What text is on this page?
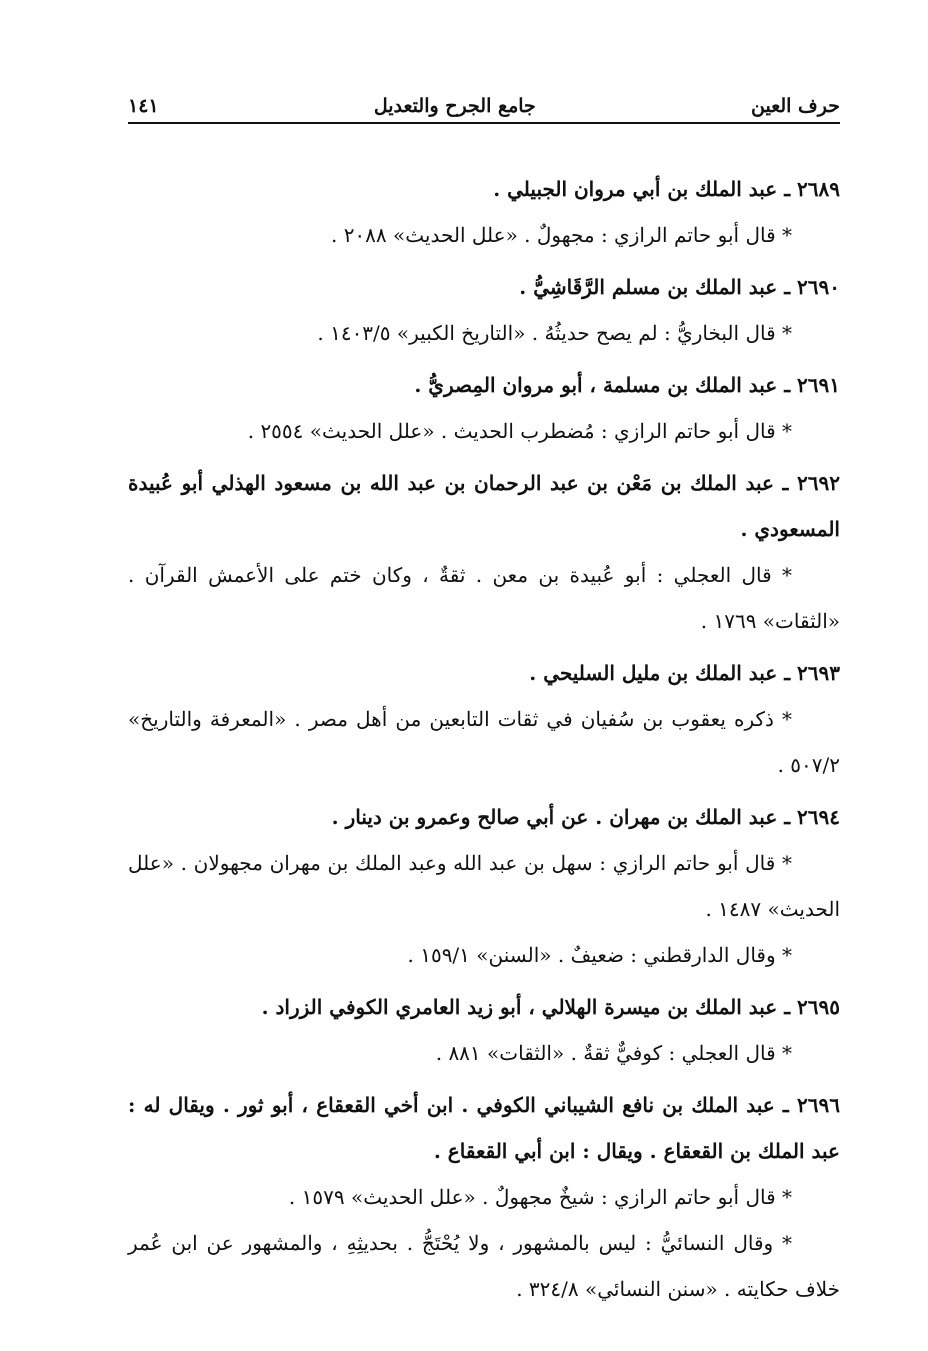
حرف العين
جامع الجرح والتعديل
١٤١

٢٦٨٩ ـ عبد الملك بن أبي مروان الجبيلي .

* قال أبو حاتم الرازي : مجهولٌ . «علل الحديث» ٢٠٨٨ .

٢٦٩٠ ـ عبد الملك بن مسلم الرَّقَاشِيُّ .

* قال البخاريُّ : لم يصح حديثُهُ . «التاريخ الكبير» ١٤٠٣/٥ .

٢٦٩١ ـ عبد الملك بن مسلمة ، أبو مروان المِصريُّ .

* قال أبو حاتم الرازي : مُضطرب الحديث . «علل الحديث» ٢٥٥٤ .

٢٦٩٢ ـ عبد الملك بن مَعْن بن عبد الرحمان بن عبد الله بن مسعود الهذلي أبو عُبيدة المسعودي .

* قال العجلي : أبو عُبيدة بن معن . ثقةٌ ، وكان ختم على الأعمش القرآن . «الثقات» ١٧٦٩ .

٢٦٩٣ ـ عبد الملك بن مليل السليحي .

* ذكره يعقوب بن سُفيان في ثقات التابعين من أهل مصر . «المعرفة والتاريخ» ٥٠٧/٢ .

٢٦٩٤ ـ عبد الملك بن مهران . عن أبي صالح وعمرو بن دينار .

* قال أبو حاتم الرازي : سهل بن عبد الله وعبد الملك بن مهران مجهولان . «علل الحديث» ١٤٨٧ .

* وقال الدارقطني : ضعيفٌ . «السنن» ١٥٩/١ .

٢٦٩٥ ـ عبد الملك بن ميسرة الهلالي ، أبو زيد العامري الكوفي الزراد .

* قال العجلي : كوفيٌّ ثقةٌ . «الثقات» ٨٨١ .

٢٦٩٦ ـ عبد الملك بن نافع الشيباني الكوفي . ابن أخي القعقاع ، أبو ثور . ويقال له : عبد الملك بن القعقاع . ويقال : ابن أبي القعقاع .

* قال أبو حاتم الرازي : شيخٌ مجهولٌ . «علل الحديث» ١٥٧٩ .

* وقال النسائيُّ : ليس بالمشهور ، ولا يُحْتَجُّ . بحديثِهِ ، والمشهور عن ابن عُمر خلاف حكايته . «سنن النسائي» ٣٢٤/٨ .
